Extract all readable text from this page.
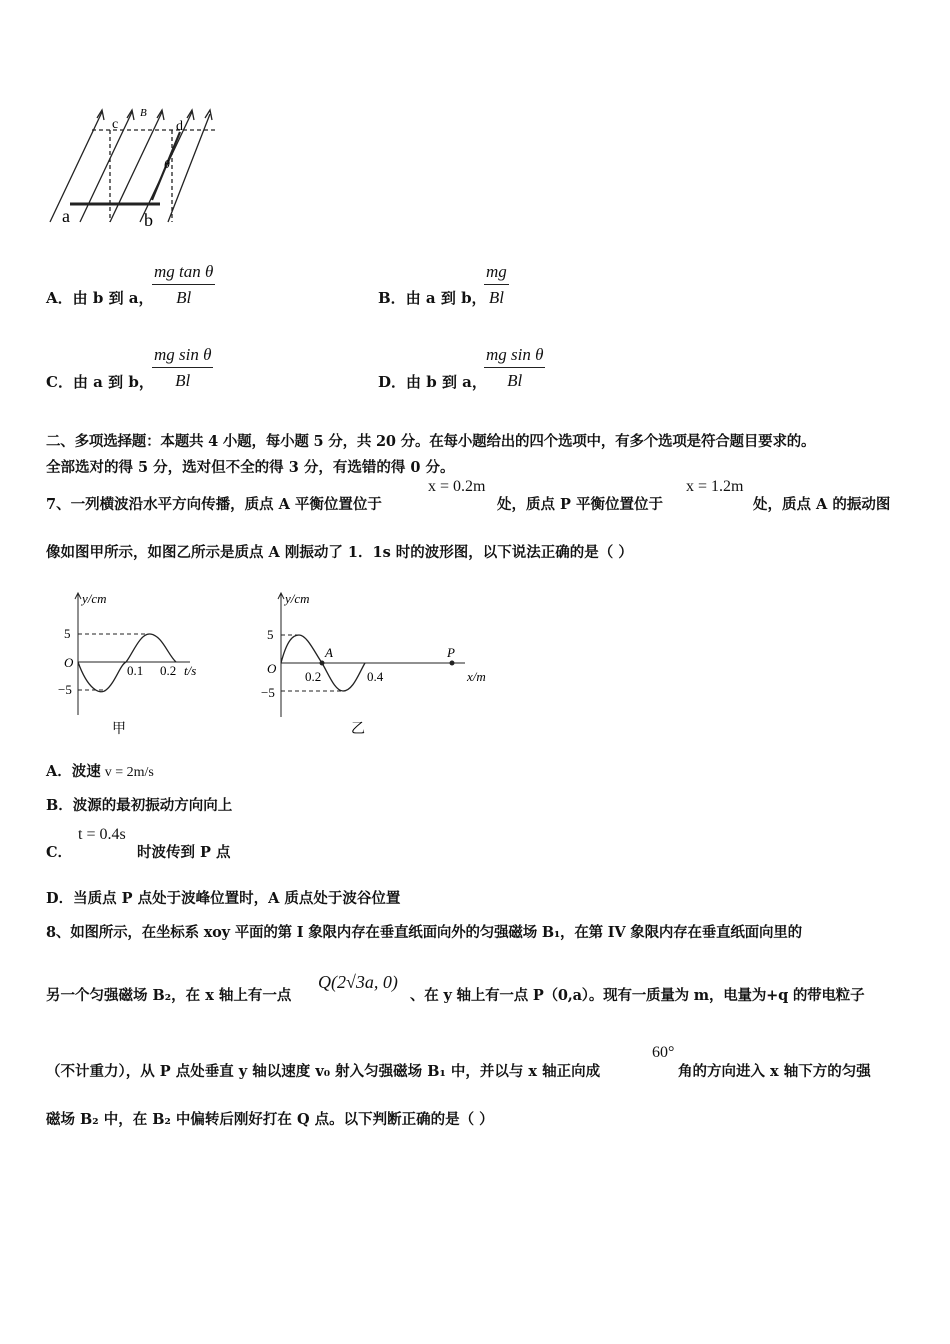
c
B
d
θ
a	b
A．由 b 到 a，
$\frac{\text{mg tan θ}}{Bl}$	B．由 a 到 b，
$\frac{mg}{Bl}$
C．由 a 到 b，
$\frac{\text{mg sin θ}}{Bl}$	D．由 b 到 a，
$\frac{\text{mg sin θ}}{Bl}$
二、多项选择题：本题共 4 小题，每小题 5 分，共 20 分。在每小题给出的四个选项中，有多个选项是符合题目要求的。
全部选对的得 5 分，选对但不全的得 3 分，有选错的得 0 分。
7、一列横波沿水平方向传播，质点 A 平衡位置位于
x = 0.2m
处，质点 P 平衡位置位于
x = 1.2m
处，质点 A 的振动图
像如图甲所示，如图乙所示是质点 A 刚振动了 1．1s 时的波形图，以下说法正确的是（ ）
y/cm
5
−5
O
0.1 0.2 t/s
甲
y/cm
5
−5
O
A	P
0.2	0.4	x/m
乙
A．波速 v = 2m/s
B．波源的最初振动方向向上
C．
t = 0.4s
时波传到 P 点
D．当质点 P 点处于波峰位置时，A 质点处于波谷位置
8、如图所示，在坐标系 xoy 平面的第 I 象限内存在垂直纸面向外的匀强磁场 B₁，在第 IV 象限内存在垂直纸面向里的
另一个匀强磁场 B₂，在 x 轴上有一点
Q(2√3a, 0)
、在 y 轴上有一点 P（0,a）。现有一质量为 m，电量为+q 的带电粒子
（不计重力），从 P 点处垂直 y 轴以速度 v₀ 射入匀强磁场 B₁ 中，并以与 x 轴正向成
60°
角的方向进入 x 轴下方的匀强
磁场 B₂ 中，在 B₂ 中偏转后刚好打在 Q 点。以下判断正确的是（ ）
